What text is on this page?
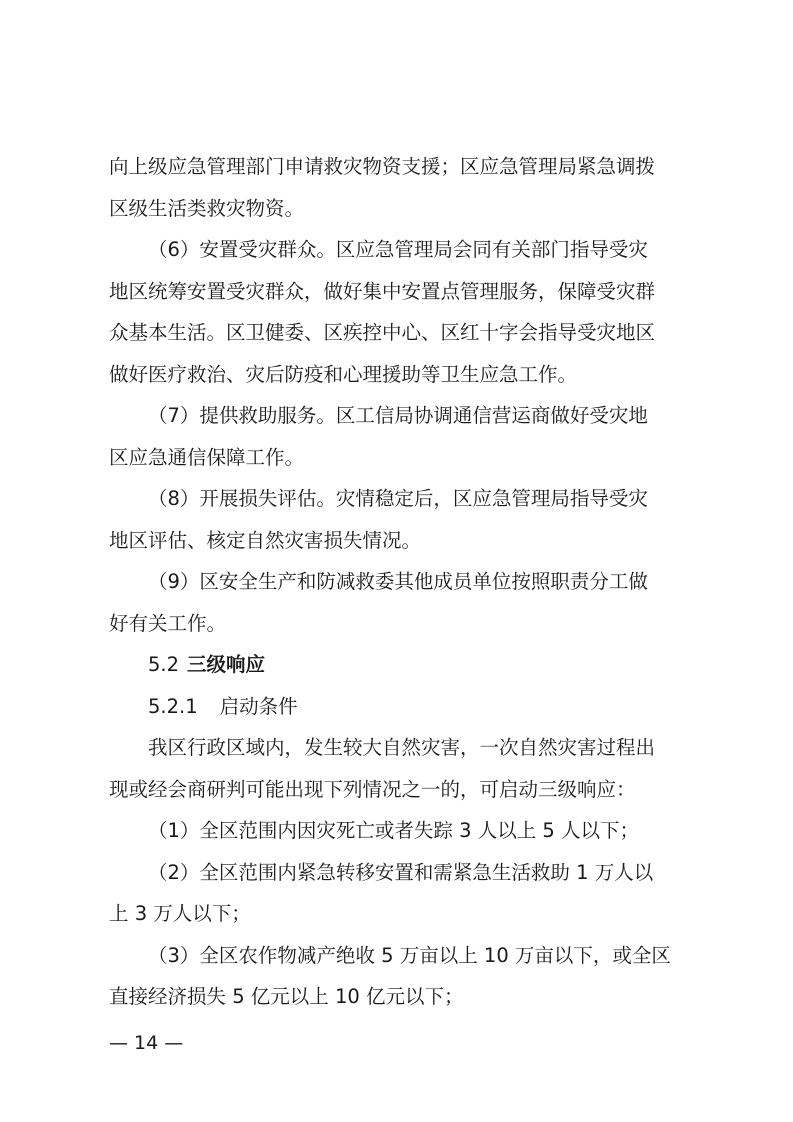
向上级应急管理部门申请救灾物资支援；区应急管理局紧急调拨
区级生活类救灾物资。
（6）安置受灾群众。区应急管理局会同有关部门指导受灾
地区统筹安置受灾群众，做好集中安置点管理服务，保障受灾群
众基本生活。区卫健委、区疾控中心、区红十字会指导受灾地区
做好医疗救治、灾后防疫和心理援助等卫生应急工作。
（7）提供救助服务。区工信局协调通信营运商做好受灾地
区应急通信保障工作。
（8）开展损失评估。灾情稳定后，区应急管理局指导受灾
地区评估、核定自然灾害损失情况。
（9）区安全生产和防减救委其他成员单位按照职责分工做
好有关工作。
5.2 三级响应
5.2.1 启动条件
我区行政区域内，发生较大自然灾害，一次自然灾害过程出
现或经会商研判可能出现下列情况之一的，可启动三级响应：
（1）全区范围内因灾死亡或者失踪 3 人以上 5 人以下；
（2）全区范围内紧急转移安置和需紧急生活救助 1 万人以
上 3 万人以下；
（3）全区农作物减产绝收 5 万亩以上 10 万亩以下，或全区
直接经济损失 5 亿元以上 10 亿元以下；
— 14 —
